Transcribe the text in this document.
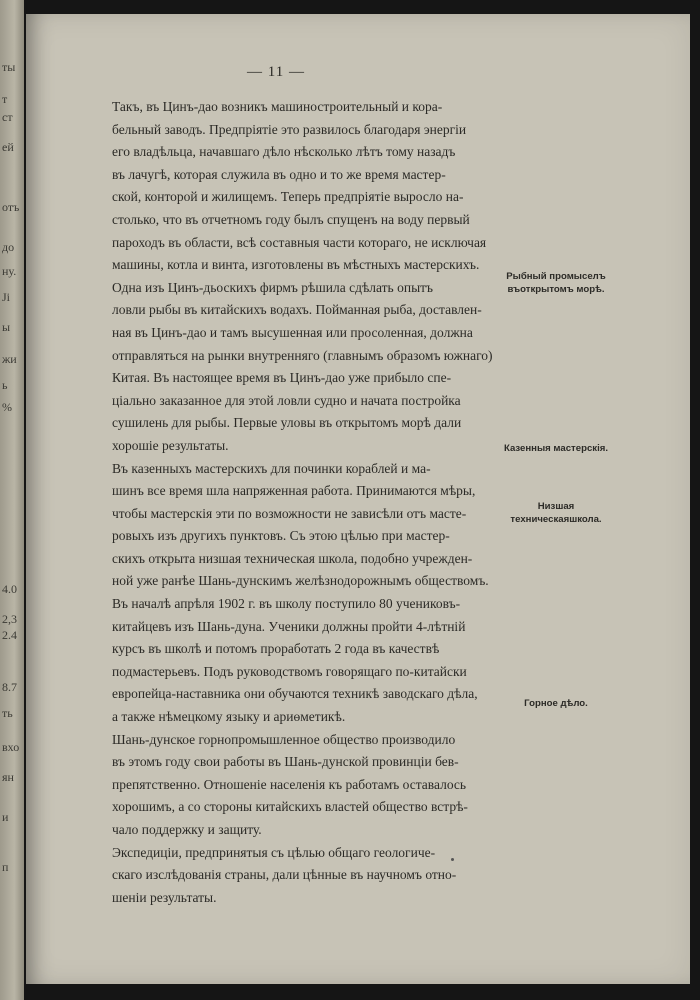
ты
т
ст
ей
отъ
до
ну.
Ji
ы
жи
ь
%
4.0
2,3
2.4
8.7
ть
вхо
ян
и
п
— 11 —

Такъ, въ Цинъ-дао возникъ машиностроительный и кора-
бельный заводъ. Предпріятіе это развилось благодаря энергіи
его владѣльца, начавшаго дѣло нѣсколько лѣтъ тому назадъ
въ лачугѣ, которая служила въ одно и то же время мастер-
ской, конторой и жилищемъ. Теперь предпріятіе выросло на-
столько, что въ отчетномъ году былъ спущенъ на воду первый
пароходъ въ области, всѣ составныя части котораго, не исключая
машины, котла и винта, изготовлены въ мѣстныхъ мастерскихъ.

Одна изъ Цинъ-дьоскихъ фирмъ рѣшила сдѣлать опытъ
ловли рыбы въ китайскихъ водахъ. Пойманная рыба, доставлен-
ная въ Цинъ-дао и тамъ высушенная или просоленная, должна
отправляться на рынки внутренняго (главнымъ образомъ южнаго)
Китая. Въ настоящее время въ Цинъ-дао уже прибыло спе-
ціально заказанное для этой ловли судно и начата постройка
сушилень для рыбы. Первые уловы въ открытомъ морѣ дали
хорошіе результаты.

Въ казенныхъ мастерскихъ для починки кораблей и ма-
шинъ все время шла напряженная работа. Принимаются мѣры,
чтобы мастерскія эти по возможности не зависѣли отъ масте-
ровыхъ изъ другихъ пунктовъ. Съ этою цѣлью при мастер-
скихъ открыта низшая техническая школа, подобно учрежден-
ной уже ранѣе Шань-дунскимъ желѣзнодорожнымъ обществомъ.
Въ началѣ апрѣля 1902 г. въ школу поступило 80 учениковъ-
китайцевъ изъ Шань-дуна. Ученики должны пройти 4-лѣтній
курсъ въ школѣ и потомъ проработать 2 года въ качествѣ
подмастерьевъ. Подъ руководствомъ говорящаго по-китайски
европейца-наставника они обучаются техникѣ заводскаго дѣла,
а также нѣмецкому языку и ариѳметикѣ.

Шань-дунское горнопромышленное общество производило
въ этомъ году свои работы въ Шань-дунской провинціи бев-
препятственно. Отношеніе населенія къ работамъ оставалось
хорошимъ, а со стороны китайскихъ властей общество встрѣ-
чало поддержку и защиту.

Экспедиціи, предпринятыя съ цѣлью общаго геологиче-
скаго изслѣдованія страны, дали цѣнные въ научномъ отно-
шеніи результаты.

Рыбный промыселъ въоткрытомъ морѣ.
Казенныя мастерскія.
Низшая техническаяшкола.
Горное дѣло.
